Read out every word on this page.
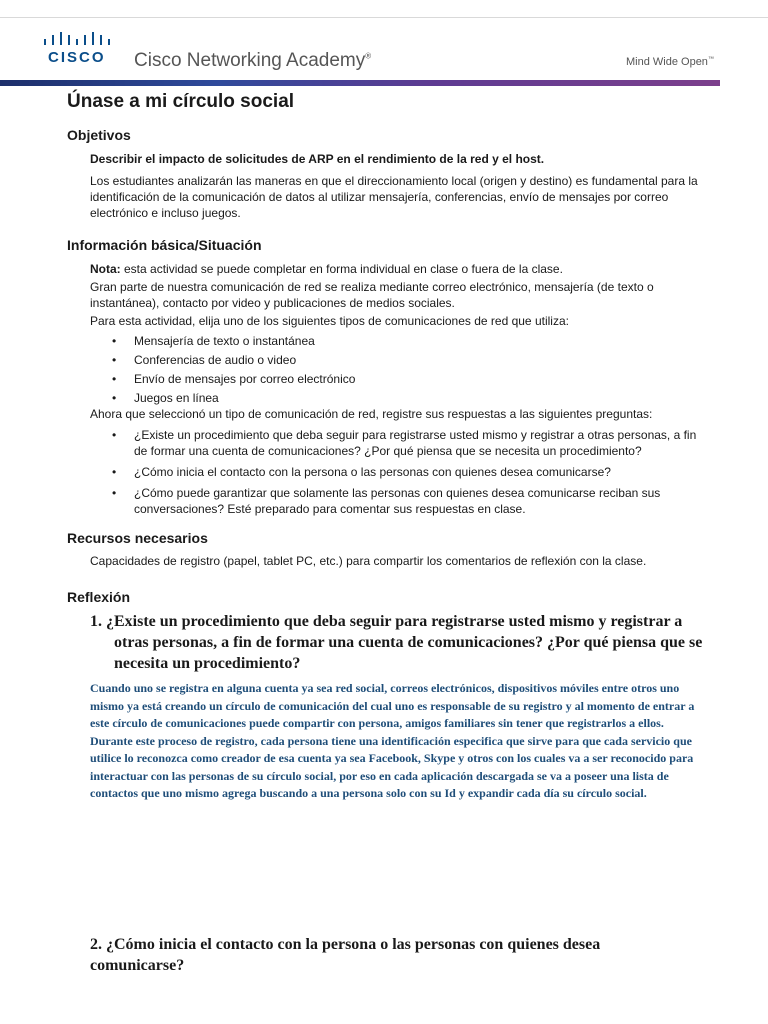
CISCO Cisco Networking Academy®	Mind Wide Open™
Únase a mi círculo social
Objetivos
Describir el impacto de solicitudes de ARP en el rendimiento de la red y el host.
Los estudiantes analizarán las maneras en que el direccionamiento local (origen y destino) es fundamental para la identificación de la comunicación de datos al utilizar mensajería, conferencias, envío de mensajes por correo electrónico e incluso juegos.
Información básica/Situación
Nota: esta actividad se puede completar en forma individual en clase o fuera de la clase.
Gran parte de nuestra comunicación de red se realiza mediante correo electrónico, mensajería (de texto o instantánea), contacto por video y publicaciones de medios sociales.
Para esta actividad, elija uno de los siguientes tipos de comunicaciones de red que utiliza:
• Mensajería de texto o instantánea
• Conferencias de audio o video
• Envío de mensajes por correo electrónico
• Juegos en línea
Ahora que seleccionó un tipo de comunicación de red, registre sus respuestas a las siguientes preguntas:
• ¿Existe un procedimiento que deba seguir para registrarse usted mismo y registrar a otras personas, a fin de formar una cuenta de comunicaciones? ¿Por qué piensa que se necesita un procedimiento?
• ¿Cómo inicia el contacto con la persona o las personas con quienes desea comunicarse?
• ¿Cómo puede garantizar que solamente las personas con quienes desea comunicarse reciban sus conversaciones? Esté preparado para comentar sus respuestas en clase.
Recursos necesarios
Capacidades de registro (papel, tablet PC, etc.) para compartir los comentarios de reflexión con la clase.
Reflexión
1. ¿Existe un procedimiento que deba seguir para registrarse usted mismo y registrar a otras personas, a fin de formar una cuenta de comunicaciones? ¿Por qué piensa que se necesita un procedimiento?
Cuando uno se registra en alguna cuenta ya sea red social, correos electrónicos, dispositivos móviles entre otros uno mismo ya está creando un círculo de comunicación del cual uno es responsable de su registro y al momento de entrar a este círculo de comunicaciones puede compartir con persona, amigos familiares sin tener que registrarlos a ellos. Durante este proceso de registro, cada persona tiene una identificación especifica que sirve para que cada servicio que utilice lo reconozca como creador de esa cuenta ya sea Facebook, Skype y otros con los cuales va a ser reconocido para interactuar con las personas de su círculo social, por eso en cada aplicación descargada se va a poseer una lista de contactos que uno mismo agrega buscando a una persona solo con su Id y expandir cada día su círculo social.
2. ¿Cómo inicia el contacto con la persona o las personas con quienes desea comunicarse?
